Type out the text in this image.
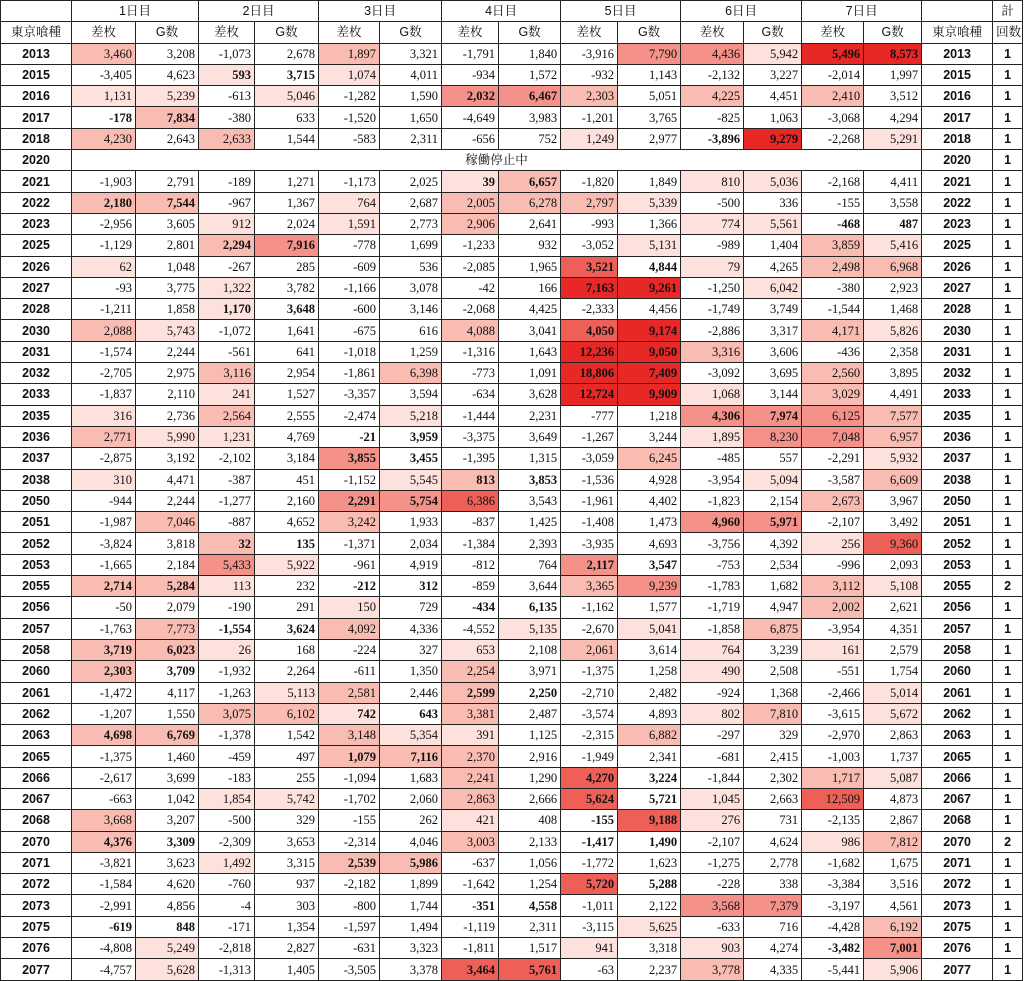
	1日目		2日目		3日目		4日目		5日目		6日目		7日目			計
東京喰種	差枚	G数	差枚	G数	差枚	G数	差枚	G数	差枚	G数	差枚	G数	差枚	G数	東京喰種	回数
2013	3,460	3,208	-1,073	2,678	1,897	3,321	-1,791	1,840	-3,916	7,790	4,436	5,942	5,496	8,573	2013	1
2015	-3,405	4,623	593	3,715	1,074	4,011	-934	1,572	-932	1,143	-2,132	3,227	-2,014	1,997	2015	1
2016	1,131	5,239	-613	5,046	-1,282	1,590	2,032	6,467	2,303	5,051	4,225	4,451	2,410	3,512	2016	1
2017	-178	7,834	-380	633	-1,520	1,650	-4,649	3,983	-1,201	3,765	-825	1,063	-3,068	4,294	2017	1
2018	4,230	2,643	2,633	1,544	-583	2,311	-656	752	1,249	2,977	-3,896	9,279	-2,268	5,291	2018	1
2020	稼働停止中														2020	1
2021	-1,903	2,791	-189	1,271	-1,173	2,025	39	6,657	-1,820	1,849	810	5,036	-2,168	4,411	2021	1
2022	2,180	7,544	-967	1,367	764	2,687	2,005	6,278	2,797	5,339	-500	336	-155	3,558	2022	1
2023	-2,956	3,605	912	2,024	1,591	2,773	2,906	2,641	-993	1,366	774	5,561	-468	487	2023	1
2025	-1,129	2,801	2,294	7,916	-778	1,699	-1,233	932	-3,052	5,131	-989	1,404	3,859	5,416	2025	1
2026	62	1,048	-267	285	-609	536	-2,085	1,965	3,521	4,844	79	4,265	2,498	6,968	2026	1
2027	-93	3,775	1,322	3,782	-1,166	3,078	-42	166	7,163	9,261	-1,250	6,042	-380	2,923	2027	1
2028	-1,211	1,858	1,170	3,648	-600	3,146	-2,068	4,425	-2,333	4,456	-1,749	3,749	-1,544	1,468	2028	1
2030	2,088	5,743	-1,072	1,641	-675	616	4,088	3,041	4,050	9,174	-2,886	3,317	4,171	5,826	2030	1
2031	-1,574	2,244	-561	641	-1,018	1,259	-1,316	1,643	12,236	9,050	3,316	3,606	-436	2,358	2031	1
2032	-2,705	2,975	3,116	2,954	-1,861	6,398	-773	1,091	18,806	7,409	-3,092	3,695	2,560	3,895	2032	1
2033	-1,837	2,110	241	1,527	-3,357	3,594	-634	3,628	12,724	9,909	1,068	3,144	3,029	4,491	2033	1
2035	316	2,736	2,564	2,555	-2,474	5,218	-1,444	2,231	-777	1,218	4,306	7,974	6,125	7,577	2035	1
2036	2,771	5,990	1,231	4,769	-21	3,959	-3,375	3,649	-1,267	3,244	1,895	8,230	7,048	6,957	2036	1
2037	-2,875	3,192	-2,102	3,184	3,855	3,455	-1,395	1,315	-3,059	6,245	-485	557	-2,291	5,932	2037	1
2038	310	4,471	-387	451	-1,152	5,545	813	3,853	-1,536	4,928	-3,954	5,094	-3,587	6,609	2038	1
2050	-944	2,244	-1,277	2,160	2,291	5,754	6,386	3,543	-1,961	4,402	-1,823	2,154	2,673	3,967	2050	1
2051	-1,987	7,046	-887	4,652	3,242	1,933	-837	1,425	-1,408	1,473	4,960	5,971	-2,107	3,492	2051	1
2052	-3,824	3,818	32	135	-1,371	2,034	-1,384	2,393	-3,935	4,693	-3,756	4,392	256	9,360	2052	1
2053	-1,665	2,184	5,433	5,922	-961	4,919	-812	764	2,117	3,547	-753	2,534	-996	2,093	2053	1
2055	2,714	5,284	113	232	-212	312	-859	3,644	3,365	9,239	-1,783	1,682	3,112	5,108	2055	2
2056	-50	2,079	-190	291	150	729	-434	6,135	-1,162	1,577	-1,719	4,947	2,002	2,621	2056	1
2057	-1,763	7,773	-1,554	3,624	4,092	4,336	-4,552	5,135	-2,670	5,041	-1,858	6,875	-3,954	4,351	2057	1
2058	3,719	6,023	26	168	-224	327	653	2,108	2,061	3,614	764	3,239	161	2,579	2058	1
2060	2,303	3,709	-1,932	2,264	-611	1,350	2,254	3,971	-1,375	1,258	490	2,508	-551	1,754	2060	1
2061	-1,472	4,117	-1,263	5,113	2,581	2,446	2,599	2,250	-2,710	2,482	-924	1,368	-2,466	5,014	2061	1
2062	-1,207	1,550	3,075	6,102	742	643	3,381	2,487	-3,574	4,893	802	7,810	-3,615	5,672	2062	1
2063	4,698	6,769	-1,378	1,542	3,148	5,354	391	1,125	-2,315	6,882	-297	329	-2,970	2,863	2063	1
2065	-1,375	1,460	-459	497	1,079	7,116	2,370	2,916	-1,949	2,341	-681	2,415	-1,003	1,737	2065	1
2066	-2,617	3,699	-183	255	-1,094	1,683	2,241	1,290	4,270	3,224	-1,844	2,302	1,717	5,087	2066	1
2067	-663	1,042	1,854	5,742	-1,702	2,060	2,863	2,666	5,624	5,721	1,045	2,663	12,509	4,873	2067	1
2068	3,668	3,207	-500	329	-155	262	421	408	-155	9,188	276	731	-2,135	2,867	2068	1
2070	4,376	3,309	-2,309	3,653	-2,314	4,046	3,003	2,133	-1,417	1,490	-2,107	4,624	986	7,812	2070	2
2071	-3,821	3,623	1,492	3,315	2,539	5,986	-637	1,056	-1,772	1,623	-1,275	2,778	-1,682	1,675	2071	1
2072	-1,584	4,620	-760	937	-2,182	1,899	-1,642	1,254	5,720	5,288	-228	338	-3,384	3,516	2072	1
2073	-2,991	4,856	-4	303	-800	1,744	-351	4,558	-1,011	2,122	3,568	7,379	-3,197	4,561	2073	1
2075	-619	848	-171	1,354	-1,597	1,494	-1,119	2,311	-3,115	5,625	-633	716	-4,428	6,192	2075	1
2076	-4,808	5,249	-2,818	2,827	-631	3,323	-1,811	1,517	941	3,318	903	4,274	-3,482	7,001	2076	1
2077	-4,757	5,628	-1,313	1,405	-3,505	3,378	3,464	5,761	-63	2,237	3,778	4,335	-5,441	5,906	2077	1
